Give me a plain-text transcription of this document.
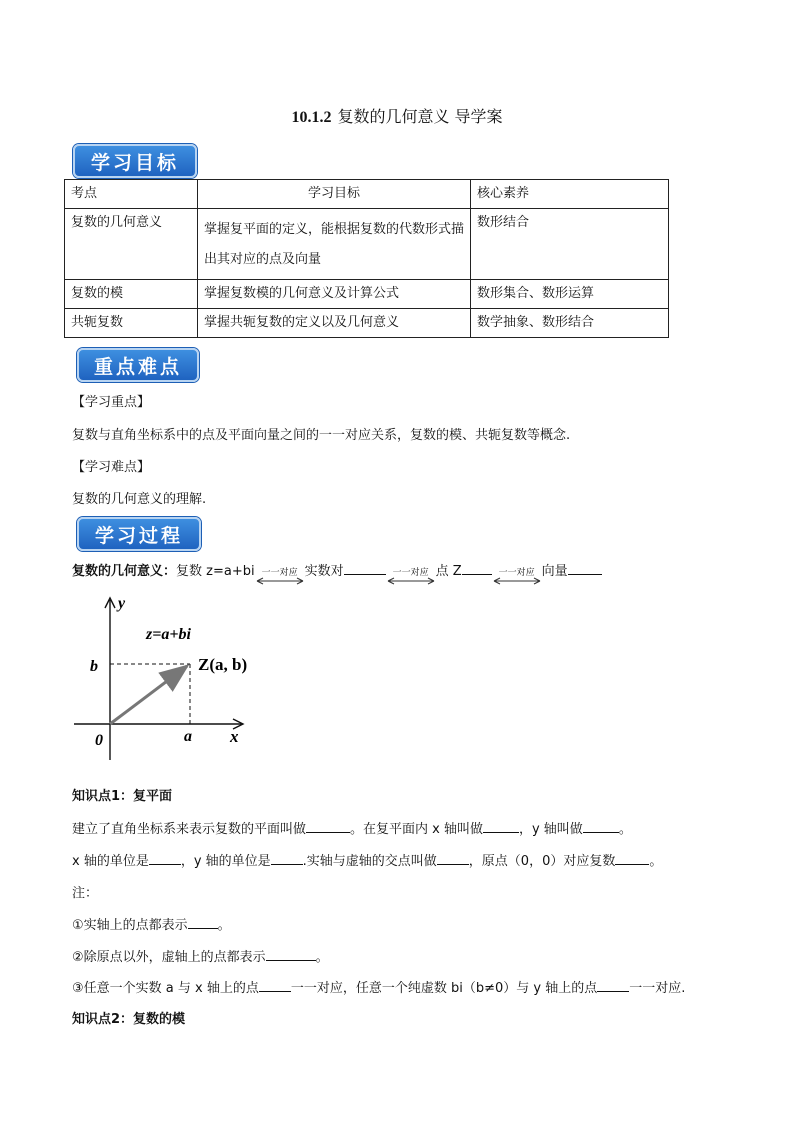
10.1.2 复数的几何意义 导学案
学习目标
考点	学习目标	核心素养
复数的几何意义	掌握复平面的定义，能根据复数的代数形式描出其对应的点及向量	数形结合
复数的模	掌握复数模的几何意义及计算公式	数形集合、数形运算
共轭复数	掌握共轭复数的定义以及几何意义	数学抽象、数形结合
重点难点
【学习重点】
复数与直角坐标系中的点及平面向量之间的一一对应关系，复数的模、共轭复数等概念.
【学习难点】
复数的几何意义的理解.
学习过程
复数的几何意义：复数 z=a+bi 一一对应 实数对	一一对应 点 Z	一一对应 向量
y
x
0
z=a+bi
b
a
Z(a, b)
知识点1：复平面
建立了直角坐标系来表示复数的平面叫做	。在复平面内 x 轴叫做	，y 轴叫做	。
x 轴的单位是 ，y 轴的单位是 .实轴与虚轴的交点叫做 ，原点（0，0）对应复数	。
注：
①实轴上的点都表示 。
②除原点以外，虚轴上的点都表示	。
③任意一个实数 a 与 x 轴上的点 一一对应，任意一个纯虚数 bi（b≠0）与 y 轴上的点 一一对应.
知识点2：复数的模
